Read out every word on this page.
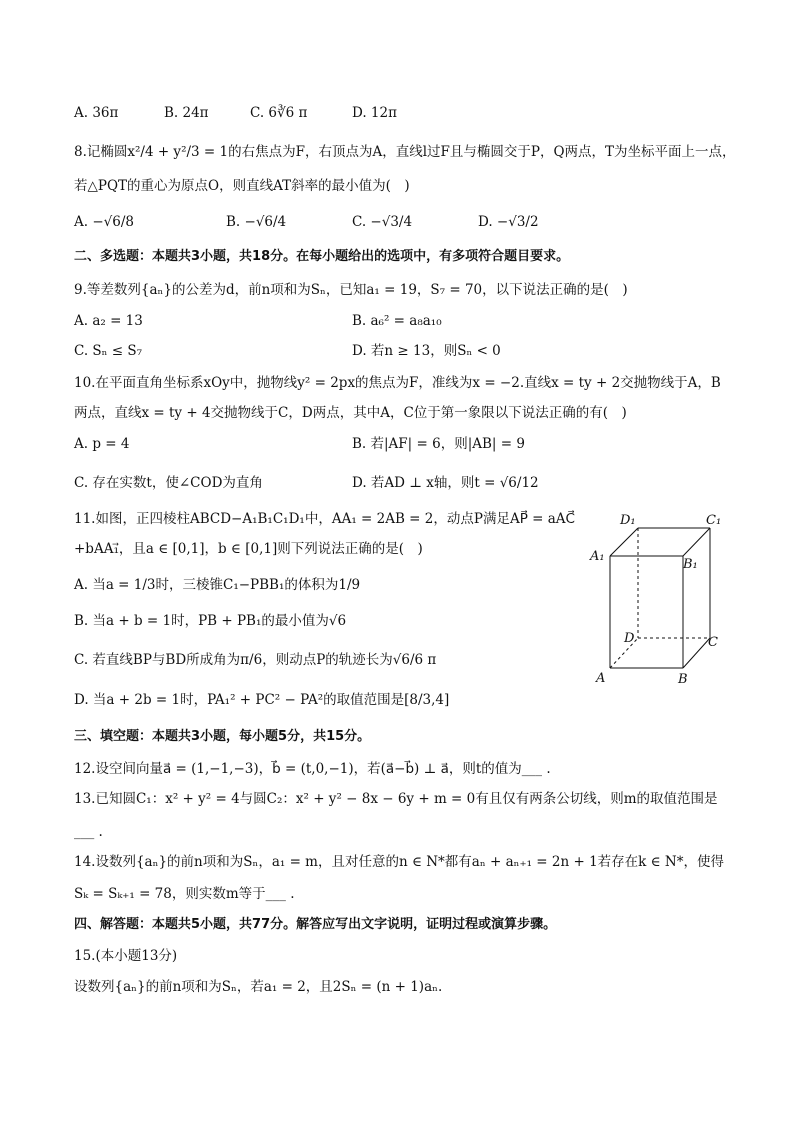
A. 36π	B. 24π	C. 6∛6 π	D. 12π
8.记椭圆x²/4 + y²/3 = 1的右焦点为F，右顶点为A，直线l过F且与椭圆交于P，Q两点，T为坐标平面上一点，
若△PQT的重心为原点O，则直线AT斜率的最小值为(　)
A. −√6/8	B. −√6/4	C. −√3/4	D. −√3/2
二、多选题：本题共3小题，共18分。在每小题给出的选项中，有多项符合题目要求。
9.等差数列{aₙ}的公差为d，前n项和为Sₙ，已知a₁ = 19，S₇ = 70，以下说法正确的是(　)
A. a₂ = 13	B. a₆² = a₈a₁₀
C. Sₙ ≤ S₇	D. 若n ≥ 13，则Sₙ < 0
10.在平面直角坐标系xOy中，抛物线y² = 2px的焦点为F，准线为x = −2.直线x = ty + 2交抛物线于A，B
两点，直线x = ty + 4交抛物线于C，D两点，其中A，C位于第一象限以下说法正确的有(　)
A. p = 4	B. 若|AF| = 6，则|AB| = 9
C. 存在实数t，使∠COD为直角	D. 若AD ⊥ x轴，则t = √6/12
11.如图，正四棱柱ABCD−A₁B₁C₁D₁中，AA₁ = 2AB = 2，动点P满足AP⃗ = aAC⃗
+bAA₁⃗，且a ∈ [0,1]，b ∈ [0,1]则下列说法正确的是(　)
A. 当a = 1/3时，三棱锥C₁−PBB₁的体积为1/9
B. 当a + b = 1时，PB + PB₁的最小值为√6
C. 若直线BP与BD所成角为π/6，则动点P的轨迹长为√6/6 π
D. 当a + 2b = 1时，PA₁² + PC² − PA²的取值范围是[8/3,4]
D₁	C₁
A₁
B₁
D	C
A	B
三、填空题：本题共3小题，每小题5分，共15分。
12.设空间向量a⃗ = (1,−1,−3)，b⃗ = (t,0,−1)，若(a⃗−b⃗) ⊥ a⃗，则t的值为___ .
13.已知圆C₁：x² + y² = 4与圆C₂：x² + y² − 8x − 6y + m = 0有且仅有两条公切线，则m的取值范围是
___ .
14.设数列{aₙ}的前n项和为Sₙ，a₁ = m，且对任意的n ∈ N*都有aₙ + aₙ₊₁ = 2n + 1若存在k ∈ N*，使得
Sₖ = Sₖ₊₁ = 78，则实数m等于___ .
四、解答题：本题共5小题，共77分。解答应写出文字说明，证明过程或演算步骤。
15.(本小题13分)
设数列{aₙ}的前n项和为Sₙ，若a₁ = 2，且2Sₙ = (n + 1)aₙ.
